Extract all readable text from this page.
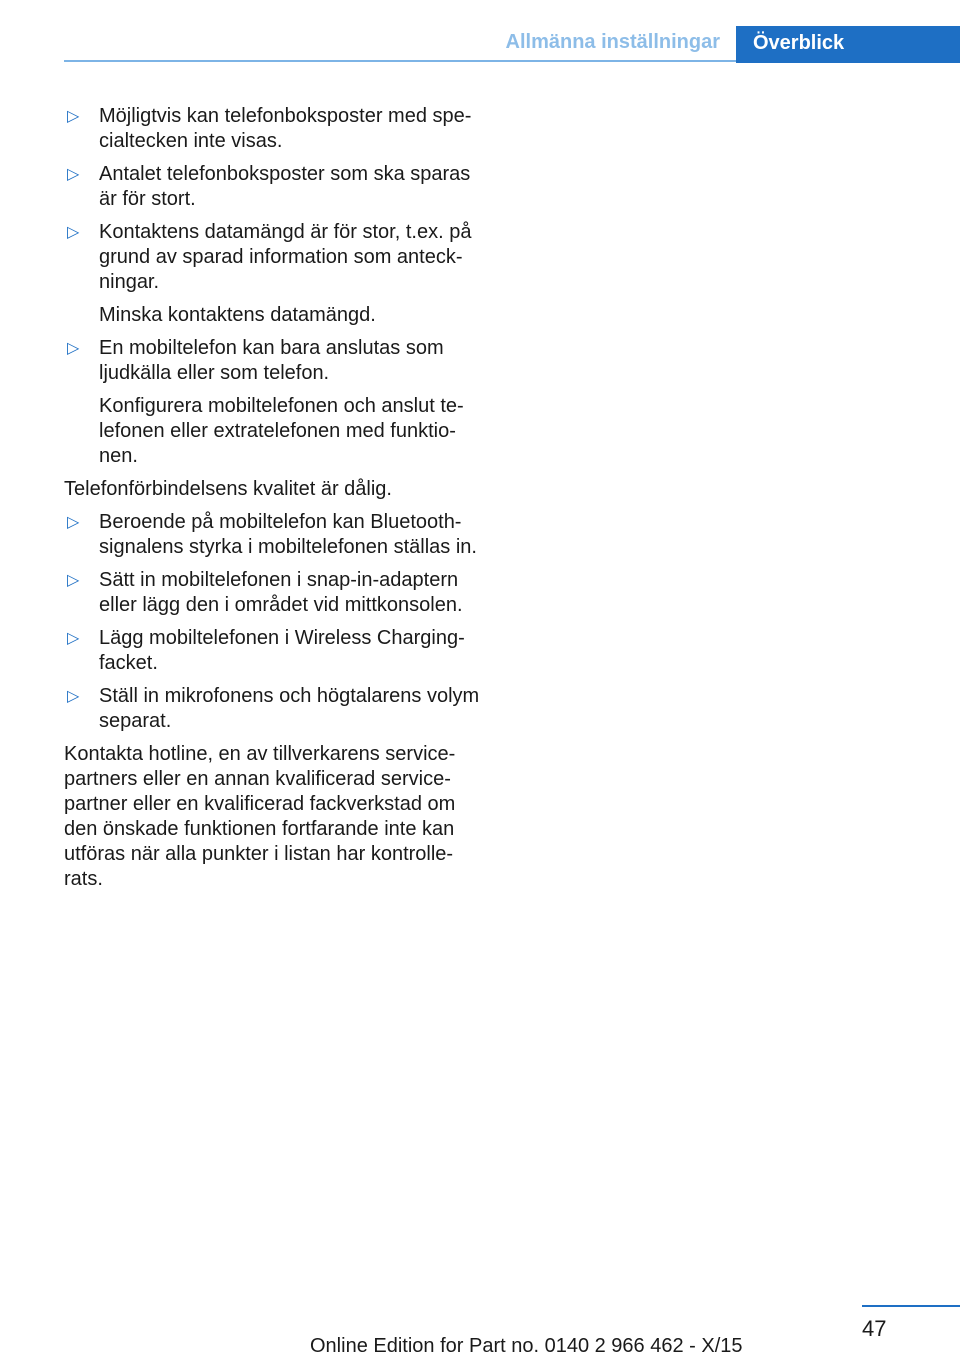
Allmänna inställningar	Överblick
▷ Möjligtvis kan telefonboksposter med spe-
cialtecken inte visas.
▷ Antalet telefonboksposter som ska sparas
är för stort.
▷ Kontaktens datamängd är för stor, t.ex. på
grund av sparad information som anteck-
ningar.
Minska kontaktens datamängd.
▷ En mobiltelefon kan bara anslutas som
ljudkälla eller som telefon.
Konfigurera mobiltelefonen och anslut te-
lefonen eller extratelefonen med funktio-
nen.
Telefonförbindelsens kvalitet är dålig.
▷ Beroende på mobiltelefon kan Bluetooth-
signalens styrka i mobiltelefonen ställas in.
▷ Sätt in mobiltelefonen i snap-in-adaptern
eller lägg den i området vid mittkonsolen.
▷ Lägg mobiltelefonen i Wireless Charging-
facket.
▷ Ställ in mikrofonens och högtalarens volym
separat.
Kontakta hotline, en av tillverkarens service-
partners eller en annan kvalificerad service-
partner eller en kvalificerad fackverkstad om
den önskade funktionen fortfarande inte kan
utföras när alla punkter i listan har kontrolle-
rats.
47
Online Edition for Part no. 0140 2 966 462 - X/15
